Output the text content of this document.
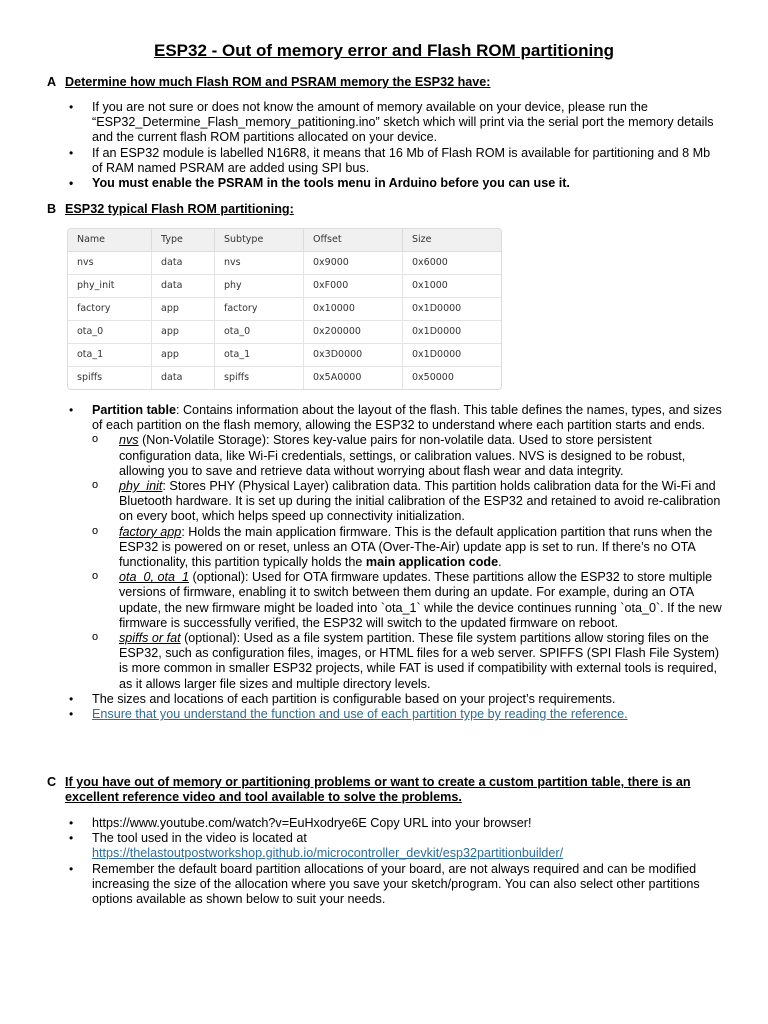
ESP32 - Out of memory error and Flash ROM partitioning
A Determine how much Flash ROM and PSRAM memory the ESP32 have:
• If you are not sure or does not know the amount of memory available on your device, please run the “ESP32_Determine_Flash_memory_patitioning.ino” sketch which will print via the serial port the memory details and the current flash ROM partitions allocated on your device.
• If an ESP32 module is labelled N16R8, it means that 16 Mb of Flash ROM is available for partitioning and 8 Mb of RAM named PSRAM are added using SPI bus.
• You must enable the PSRAM in the tools menu in Arduino before you can use it.
B ESP32 typical Flash ROM partitioning:
Name	Type	Subtype	Offset	Size
nvs	data	nvs	0x9000	0x6000
phy_init	data	phy	0xF000	0x1000
factory	app	factory	0x10000	0x1D0000
ota_0	app	ota_0	0x200000	0x1D0000
ota_1	app	ota_1	0x3D0000	0x1D0000
spiffs	data	spiffs	0x5A0000	0x50000
• Partition table: Contains information about the layout of the flash. This table defines the names, types, and sizes of each partition on the flash memory, allowing the ESP32 to understand where each partition starts and ends.
o nvs (Non-Volatile Storage): Stores key-value pairs for non-volatile data. Used to store persistent configuration data, like Wi-Fi credentials, settings, or calibration values. NVS is designed to be robust, allowing you to save and retrieve data without worrying about flash wear and data integrity.
o phy_init: Stores PHY (Physical Layer) calibration data. This partition holds calibration data for the Wi-Fi and Bluetooth hardware. It is set up during the initial calibration of the ESP32 and retained to avoid re-calibration on every boot, which helps speed up connectivity initialization.
o factory app: Holds the main application firmware. This is the default application partition that runs when the ESP32 is powered on or reset, unless an OTA (Over-The-Air) update app is set to run. If there’s no OTA functionality, this partition typically holds the main application code.
o ota_0, ota_1 (optional): Used for OTA firmware updates. These partitions allow the ESP32 to store multiple versions of firmware, enabling it to switch between them during an update. For example, during an OTA update, the new firmware might be loaded into `ota_1` while the device continues running `ota_0`. If the new firmware is successfully verified, the ESP32 will switch to the updated firmware on reboot.
o spiffs or fat (optional): Used as a file system partition. These file system partitions allow storing files on the ESP32, such as configuration files, images, or HTML files for a web server. SPIFFS (SPI Flash File System) is more common in smaller ESP32 projects, while FAT is used if compatibility with external tools is required, as it allows larger file sizes and multiple directory levels.
• The sizes and locations of each partition is configurable based on your project’s requirements.
• Ensure that you understand the function and use of each partition type by reading the reference.
C If you have out of memory or partitioning problems or want to create a custom partition table, there is an excellent reference video and tool available to solve the problems.
• https://www.youtube.com/watch?v=EuHxodrye6E Copy URL into your browser!
• The tool used in the video is located at
https://thelastoutpostworkshop.github.io/microcontroller_devkit/esp32partitionbuilder/
• Remember the default board partition allocations of your board, are not always required and can be modified increasing the size of the allocation where you save your sketch/program. You can also select other partitions options available as shown below to suit your needs.
